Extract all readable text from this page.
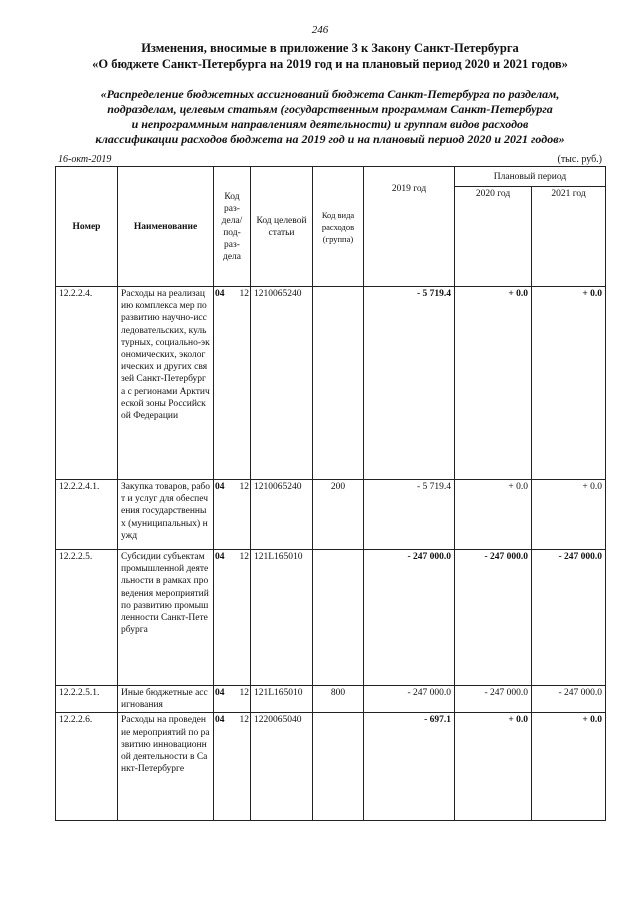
246
Изменения, вносимые в приложение 3 к Закону Санкт-Петербурга
«О бюджете Санкт-Петербурга на 2019 год и на плановый период 2020 и 2021 годов»
«Распределение бюджетных ассигнований бюджета Санкт-Петербурга по разделам,
подразделам, целевым статьям (государственным программам Санкт-Петербурга
и непрограммным направлениям деятельности) и группам видов расходов
классификации расходов бюджета на 2019 год и на плановый период 2020 и 2021 годов»
16-окт-2019	(тыс. руб.)
Номер	Наименование	Код раз-дела/под-раз-дела	Код целевой статьи	Код вида расходов (группа)	2019 год	Плановый период	
						2020 год	2021 год
12.2.2.4.	Расходы на реализацию комплекса мер по развитию научно-исследовательских, культурных, социально-экономических, экологических и других связей Санкт-Петербурга с регионами Арктической зоны Российской Федерации	04 12	1210065240		- 5 719.4	+ 0.0	+ 0.0
12.2.2.4.1.	Закупка товаров, работ и услуг для обеспечения государственных (муниципальных) нужд	04 12	1210065240	200	- 5 719.4	+ 0.0	+ 0.0
12.2.2.5.	Субсидии субъектам промышленной деятельности в рамках проведения мероприятий по развитию промышленности Санкт-Петербурга	04 12	121L165010		- 247 000.0	- 247 000.0	- 247 000.0
12.2.2.5.1.	Иные бюджетные ассигнования	04 12	121L165010	800	- 247 000.0	- 247 000.0	- 247 000.0
12.2.2.6.	Расходы на проведение мероприятий по развитию инновационной деятельности в Санкт-Петербурге	04 12	1220065040		- 697.1	+ 0.0	+ 0.0
